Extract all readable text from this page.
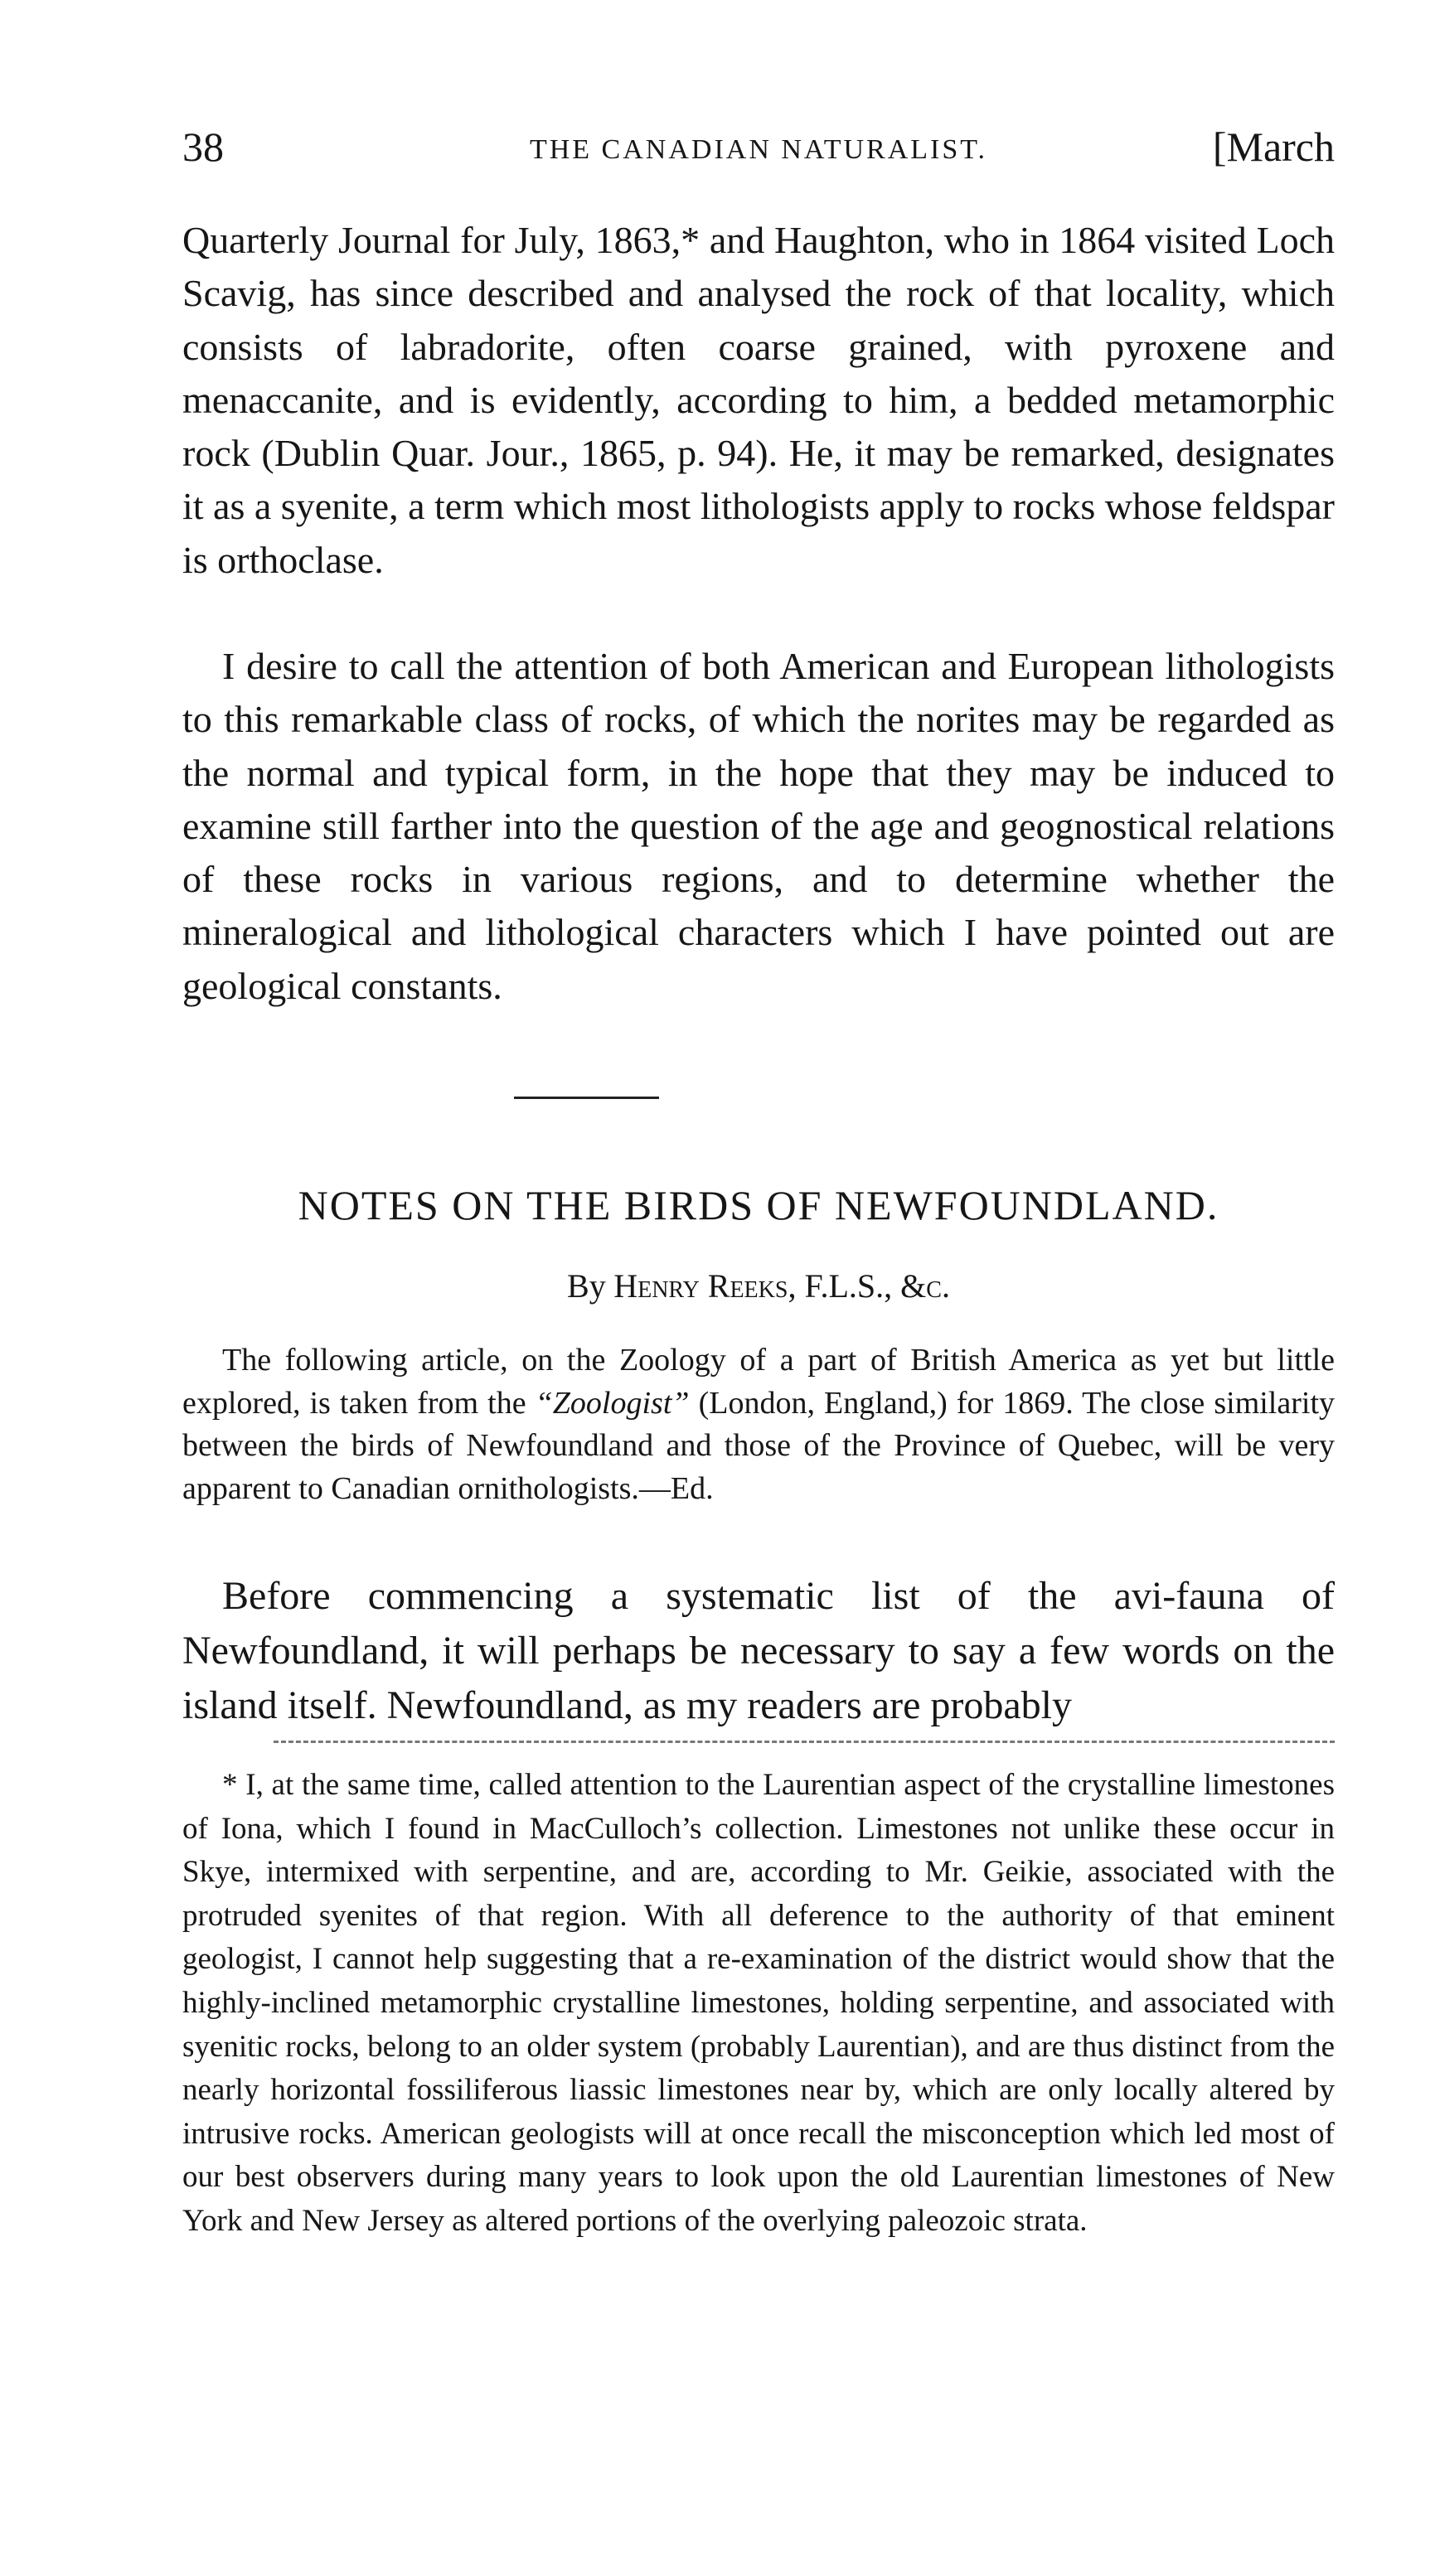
38	THE CANADIAN NATURALIST.	[March

Quarterly Journal for July, 1863,* and Haughton, who in 1864 visited Loch Scavig, has since described and analysed the rock of that locality, which consists of labradorite, often coarse grained, with pyroxene and menaccanite, and is evidently, according to him, a bedded metamorphic rock (Dublin Quar. Jour., 1865, p. 94). He, it may be remarked, designates it as a syenite, a term which most lithologists apply to rocks whose feldspar is orthoclase.

I desire to call the attention of both American and European lithologists to this remarkable class of rocks, of which the norites may be regarded as the normal and typical form, in the hope that they may be induced to examine still farther into the question of the age and geognostical relations of these rocks in various regions, and to determine whether the mineralogical and lithological characters which I have pointed out are geological constants.

NOTES ON THE BIRDS OF NEWFOUNDLAND.

By Henry Reeks, F.L.S., &c.

The following article, on the Zoology of a part of British America as yet but little explored, is taken from the “Zoologist” (London, England,) for 1869. The close similarity between the birds of Newfoundland and those of the Province of Quebec, will be very apparent to Canadian ornithologists.—Ed.

Before commencing a systematic list of the avi-fauna of Newfoundland, it will perhaps be necessary to say a few words on the island itself. Newfoundland, as my readers are probably

* I, at the same time, called attention to the Laurentian aspect of the crystalline limestones of Iona, which I found in MacCulloch’s collection. Limestones not unlike these occur in Skye, intermixed with serpentine, and are, according to Mr. Geikie, associated with the protruded syenites of that region. With all deference to the authority of that eminent geologist, I cannot help suggesting that a re-examination of the district would show that the highly-inclined metamorphic crystalline limestones, holding serpentine, and associated with syenitic rocks, belong to an older system (probably Laurentian), and are thus distinct from the nearly horizontal fossiliferous liassic limestones near by, which are only locally altered by intrusive rocks. American geologists will at once recall the misconception which led most of our best observers during many years to look upon the old Laurentian limestones of New York and New Jersey as altered portions of the overlying paleozoic strata.
